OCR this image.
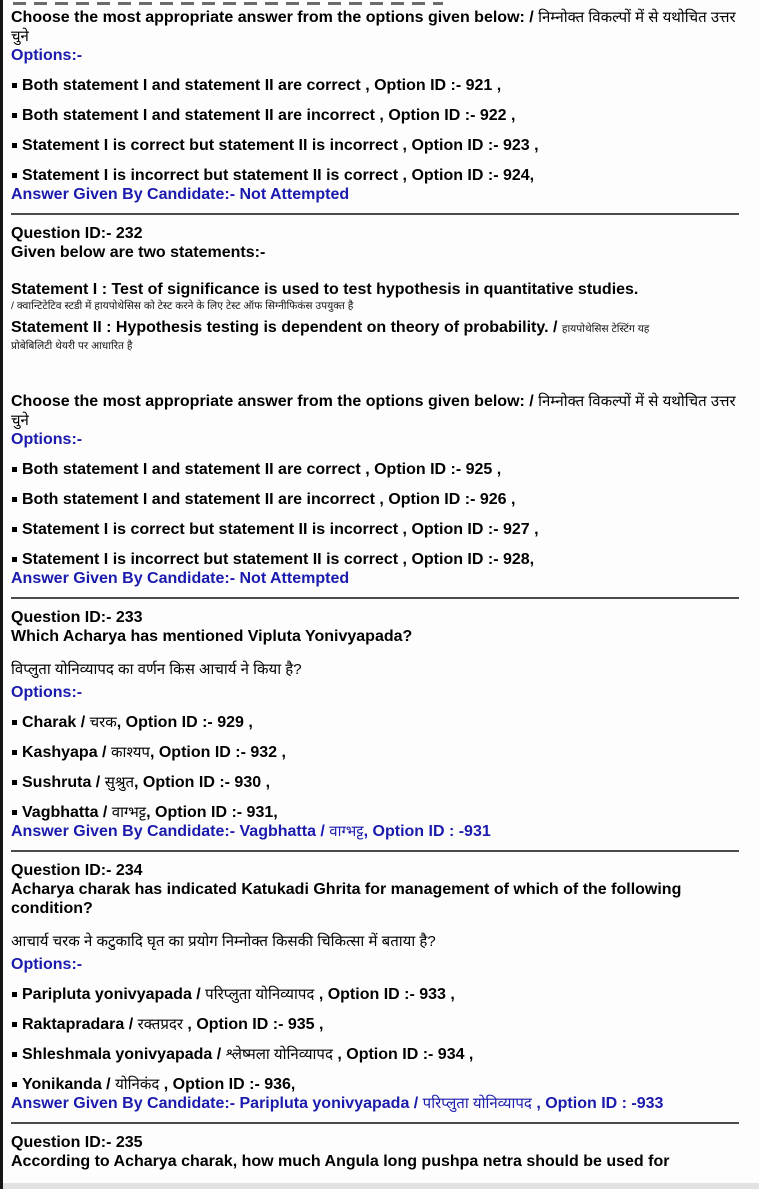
Choose the most appropriate answer from the options given below: / निम्नोक्त विकल्पों में से यथोचित उत्तर चुने
Options:-
Both statement I and statement II are correct , Option ID :- 921 ,
Both statement I and statement II are incorrect , Option ID :- 922 ,
Statement I is correct but statement II is incorrect , Option ID :- 923 ,
Statement I is incorrect but statement II is correct , Option ID :- 924,
Answer Given By Candidate:- Not Attempted
Question ID:- 232
Given below are two statements:-
Statement I : Test of significance is used to test hypothesis in quantitative studies.
/ क्वान्टिटेटिव स्टडी में हायपोथेसिस को टेस्ट करने के लिए टेस्ट ऑफ सिग्नीफिकंस उपयुक्त है
Statement II : Hypothesis testing is dependent on theory of probability. / हायपोथेसिस टेस्टिंग यह
प्रोबेबिलिटी थेयरी पर आधारित है
Choose the most appropriate answer from the options given below: / निम्नोक्त विकल्पों में से यथोचित उत्तर चुने
Options:-
Both statement I and statement II are correct , Option ID :- 925 ,
Both statement I and statement II are incorrect , Option ID :- 926 ,
Statement I is correct but statement II is incorrect , Option ID :- 927 ,
Statement I is incorrect but statement II is correct , Option ID :- 928,
Answer Given By Candidate:- Not Attempted
Question ID:- 233
Which Acharya has mentioned Vipluta Yonivyapada?
विप्लुता योनिव्यापद का वर्णन किस आचार्य ने किया है?
Options:-
Charak / चरक, Option ID :- 929 ,
Kashyapa / काश्यप, Option ID :- 932 ,
Sushruta / सुश्रुत, Option ID :- 930 ,
Vagbhatta / वाग्भट्ट, Option ID :- 931,
Answer Given By Candidate:- Vagbhatta / वाग्भट्ट, Option ID : -931
Question ID:- 234
Acharya charak has indicated Katukadi Ghrita for management of which of the following condition?
आचार्य चरक ने कटुकादि घृत का प्रयोग निम्नोक्त किसकी चिकित्सा में बताया है?
Options:-
Paripluta yonivyapada / परिप्लुता योनिव्यापद , Option ID :- 933 ,
Raktapradara / रक्तप्रदर , Option ID :- 935 ,
Shleshmala yonivyapada / श्लेष्मला योनिव्यापद , Option ID :- 934 ,
Yonikanda / योनिकंद , Option ID :- 936,
Answer Given By Candidate:- Paripluta yonivyapada / परिप्लुता योनिव्यापद , Option ID : -933
Question ID:- 235
According to Acharya charak, how much Angula long pushpa netra should be used for
